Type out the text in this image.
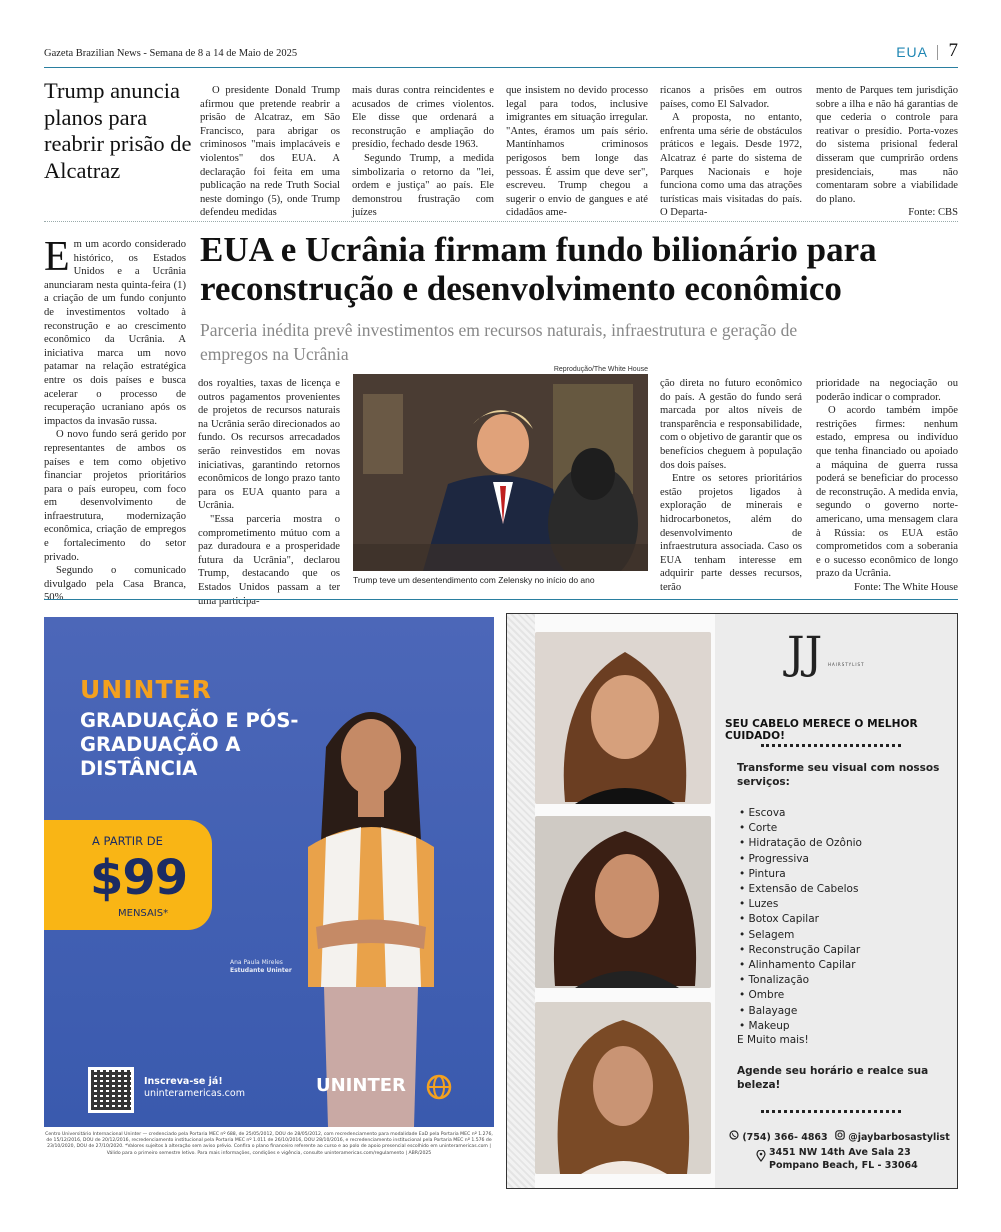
Gazeta Brazilian News - Semana de 8 a 14 de Maio de 2025	EUA 7
Trump anuncia planos para reabrir prisão de Alcatraz

O presidente Donald Trump afirmou que pretende reabrir a prisão de Alcatraz, em São Francisco, para abrigar os criminosos "mais implacáveis e violentos" dos EUA. A declaração foi feita em uma publicação na rede Truth Social neste domingo (5), onde Trump defendeu medidas

mais duras contra reincidentes e acusados de crimes violentos. Ele disse que ordenará a reconstrução e ampliação do presídio, fechado desde 1963.

Segundo Trump, a medida simbolizaria o retorno da "lei, ordem e justiça" ao país. Ele demonstrou frustração com juízes

que insistem no devido processo legal para todos, inclusive imigrantes em situação irregular. "Antes, éramos um país sério. Mantínhamos criminosos perigosos bem longe das pessoas. É assim que deve ser", escreveu. Trump chegou a sugerir o envio de gangues e até cidadãos ame-

ricanos a prisões em outros países, como El Salvador.

A proposta, no entanto, enfrenta uma série de obstáculos práticos e legais. Desde 1972, Alcatraz é parte do sistema de Parques Nacionais e hoje funciona como uma das atrações turísticas mais visitadas do país. O Departa-

mento de Parques tem jurisdição sobre a ilha e não há garantias de que cederia o controle para reativar o presídio. Porta-vozes do sistema prisional federal disseram que cumprirão ordens presidenciais, mas não comentaram sobre a viabilidade do plano.

Fonte: CBS

Em um acordo considerado histórico, os Estados Unidos e a Ucrânia anunciaram nesta quinta-feira (1) a criação de um fundo conjunto de investimentos voltado à reconstrução e ao crescimento econômico da Ucrânia. A iniciativa marca um novo patamar na relação estratégica entre os dois países e busca acelerar o processo de recuperação ucraniano após os impactos da invasão russa.

O novo fundo será gerido por representantes de ambos os países e tem como objetivo financiar projetos prioritários para o país europeu, com foco em desenvolvimento de infraestrutura, modernização econômica, criação de empregos e fortalecimento do setor privado.

Segundo o comunicado divulgado pela Casa Branca, 50%

EUA e Ucrânia firmam fundo bilionário para reconstrução e desenvolvimento econômico
Parceria inédita prevê investimentos em recursos naturais, infraestrutura e geração de empregos na Ucrânia

dos royalties, taxas de licença e outros pagamentos provenientes de projetos de recursos naturais na Ucrânia serão direcionados ao fundo. Os recursos arrecadados serão reinvestidos em novas iniciativas, garantindo retornos econômicos de longo prazo tanto para os EUA quanto para a Ucrânia.

"Essa parceria mostra o comprometimento mútuo com a paz duradoura e a prosperidade futura da Ucrânia", declarou Trump, destacando que os Estados Unidos passam a ter uma participa-

Reprodução/The White House
Trump teve um desentendimento com Zelensky no início do ano

ção direta no futuro econômico do país. A gestão do fundo será marcada por altos níveis de transparência e responsabilidade, com o objetivo de garantir que os benefícios cheguem à população dos dois países.

Entre os setores prioritários estão projetos ligados à exploração de minerais e hidrocarbonetos, além do desenvolvimento de infraestrutura associada. Caso os EUA tenham interesse em adquirir parte desses recursos, terão

prioridade na negociação ou poderão indicar o comprador.

O acordo também impõe restrições firmes: nenhum estado, empresa ou indivíduo que tenha financiado ou apoiado a máquina de guerra russa poderá se beneficiar do processo de reconstrução. A medida envia, segundo o governo norte-americano, uma mensagem clara à Rússia: os EUA estão comprometidos com a soberania e o sucesso econômico de longo prazo da Ucrânia.

Fonte: The White House

UNINTER
GRADUAÇÃO E PÓS-GRADUAÇÃO A DISTÂNCIA
A PARTIR DE
$99
MENSAIS*
Ana Paula Mireles
Estudante Uninter
Inscreva-se já!
uninteramericas.com	UNINTER
Centro Universitário Internacional Uninter — credenciado pela Portaria MEC nº 688, de 25/05/2012, DOU de 28/05/2012, com recredenciamento para modalidade EaD pela Portaria MEC nº 1.276, de 15/12/2016, DOU de 20/12/2016, recredenciamento institucional pela Portaria MEC nº 1.011 de 26/10/2016, DOU 28/10/2016, e recredenciamento institucional pela Portaria MEC nº 1.576 de 23/10/2020, DOU de 27/10/2020. *Valores sujeitos à alteração sem aviso prévio. Confira o plano financeiro referente ao curso e ao polo de apoio presencial escolhido em uninteramericas.com | Válido para o primeiro semestre letivo. Para mais informações, condições e vigência, consulte uninteramericas.com/regulamento | ABR/2025
JJ HAIRSTYLIST
SEU CABELO MERECE O MELHOR CUIDADO!
Transforme seu visual com nossos serviços:
• Escova
• Corte
• Hidratação de Ozônio
• Progressiva
• Pintura
• Extensão de Cabelos
• Luzes
• Botox Capilar
• Selagem
• Reconstrução Capilar
• Alinhamento Capilar
• Tonalização
• Ombre
• Balayage
• Makeup
E Muito mais!
Agende seu horário e realce sua beleza!
(754) 366- 4863 @jaybarbosastylist
3451 NW 14th Ave Sala 23
Pompano Beach, FL - 33064
